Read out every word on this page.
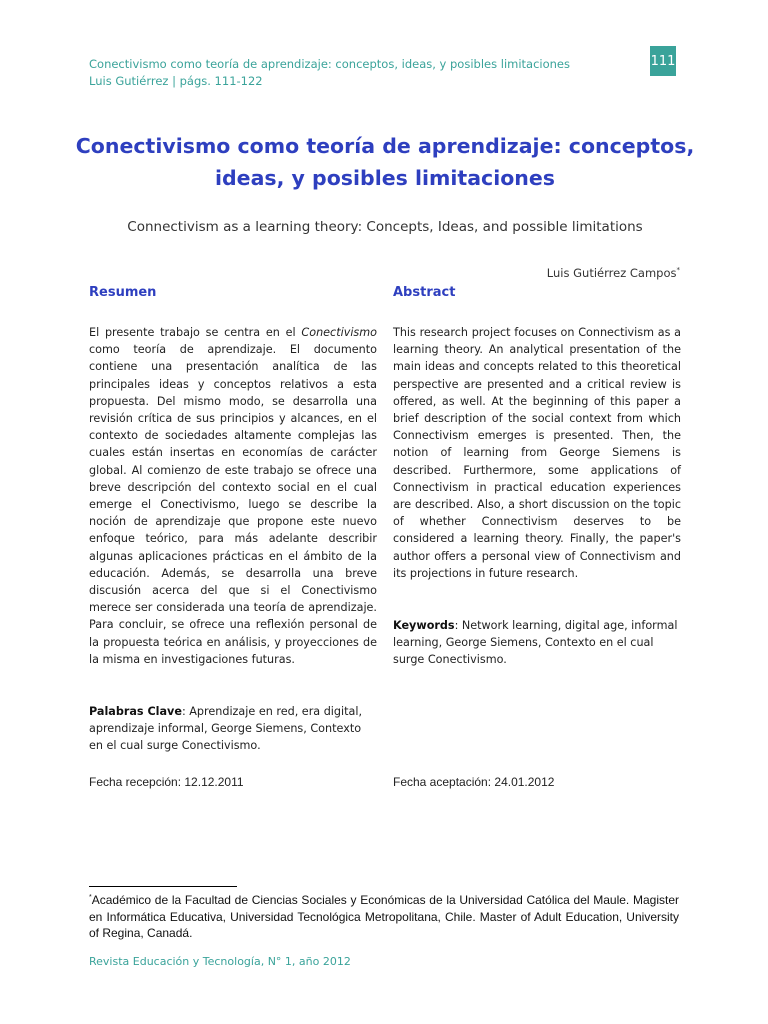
Conectivismo como teoría de aprendizaje: conceptos, ideas, y posibles limitaciones
Luis Gutiérrez | págs. 111-122
111
Conectivismo como teoría de aprendizaje: conceptos, ideas, y posibles limitaciones
Connectivism as a learning theory: Concepts, Ideas, and possible limitations
Luis Gutiérrez Campos*
Resumen	Abstract
El presente trabajo se centra en el Conectivismo como teoría de aprendizaje. El documento contiene una presentación analítica de las principales ideas y conceptos relativos a esta propuesta. Del mismo modo, se desarrolla una revisión crítica de sus principios y alcances, en el contexto de sociedades altamente complejas las cuales están insertas en economías de carácter global. Al comienzo de este trabajo se ofrece una breve descripción del contexto social en el cual emerge el Conectivismo, luego se describe la noción de aprendizaje que propone este nuevo enfoque teórico, para más adelante describir algunas aplicaciones prácticas en el ámbito de la educación. Además, se desarrolla una breve discusión acerca del que si el Conectivismo merece ser considerada una teoría de aprendizaje. Para concluir, se ofrece una reflexión personal de la propuesta teórica en análisis, y proyecciones de la misma en investigaciones futuras.
This research project focuses on Connectivism as a learning theory. An analytical presentation of the main ideas and concepts related to this theoretical perspective are presented and a critical review is offered, as well. At the beginning of this paper a brief description of the social context from which Connectivism emerges is presented. Then, the notion of learning from George Siemens is described. Furthermore, some applications of Connectivism in practical education experiences are described. Also, a short discussion on the topic of whether Connectivism deserves to be considered a learning theory. Finally, the paper's author offers a personal view of Connectivism and its projections in future research.
Palabras Clave: Aprendizaje en red, era digital, aprendizaje informal, George Siemens, Contexto en el cual surge Conectivismo.
Keywords: Network learning, digital age, informal learning, George Siemens, Contexto en el cual surge Conectivismo.
Fecha recepción: 12.12.2011	Fecha aceptación: 24.01.2012
*Académico de la Facultad de Ciencias Sociales y Económicas de la Universidad Católica del Maule. Magister en Informática Educativa, Universidad Tecnológica Metropolitana, Chile. Master of Adult Education, University of Regina, Canadá.
Revista Educación y Tecnología, N° 1, año 2012
